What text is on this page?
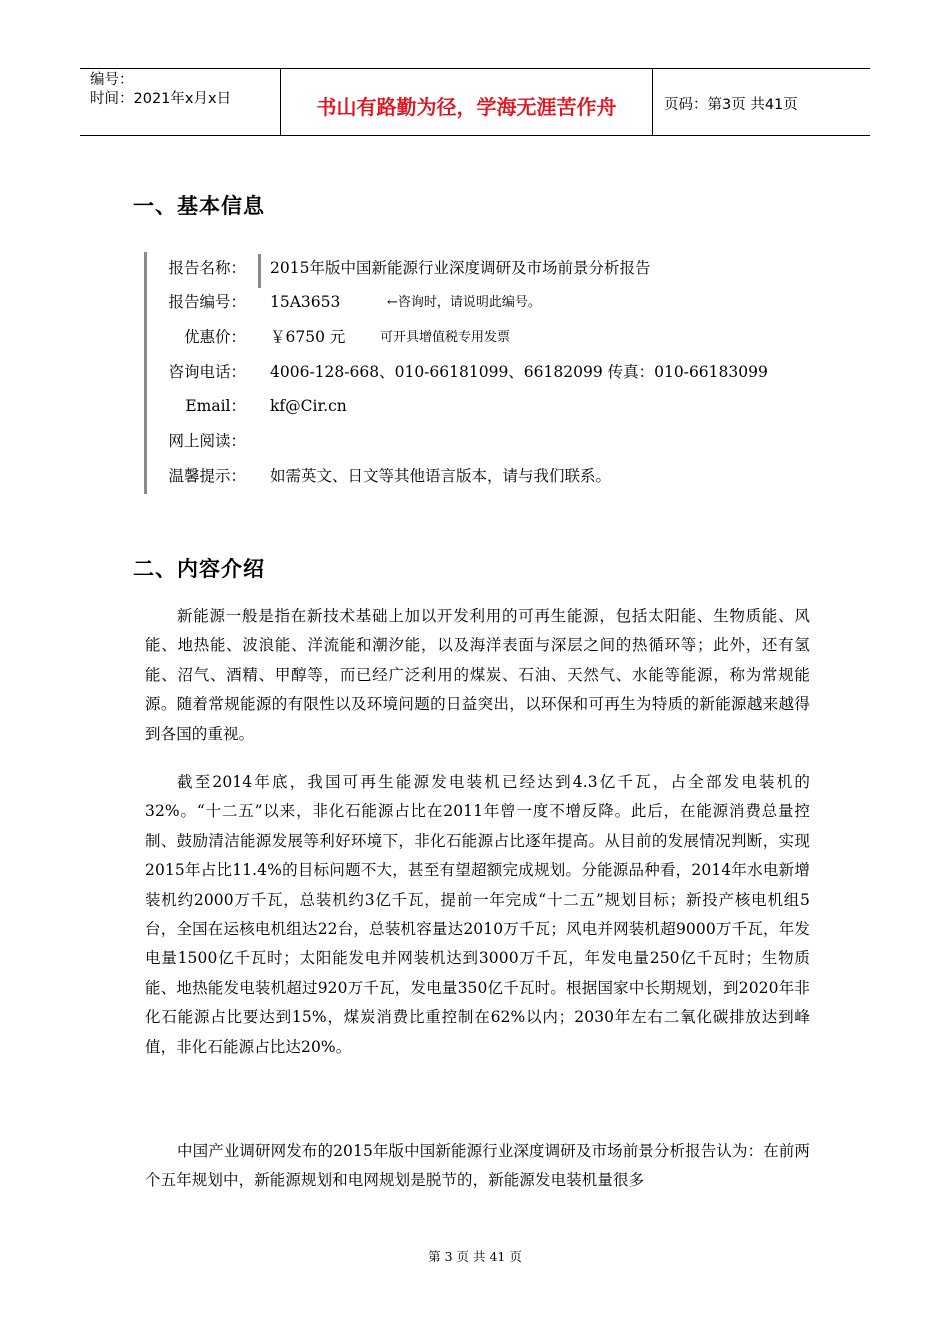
编号：
时间：2021年x月x日	书山有路勤为径，学海无涯苦作舟	页码：第3页 共41页
一、基本信息
报告名称： 2015年版中国新能源行业深度调研及市场前景分析报告
报告编号： 15A3653	←咨询时，请说明此编号。
优惠价： ￥6750 元	可开具增值税专用发票
咨询电话： 4006-128-668、010-66181099、66182099 传真：010-66183099
Email： kf@Cir.cn
网上阅读：
温馨提示： 如需英文、日文等其他语言版本，请与我们联系。
二、内容介绍

新能源一般是指在新技术基础上加以开发利用的可再生能源，包括太阳能、生物质能、风能、地热能、波浪能、洋流能和潮汐能，以及海洋表面与深层之间的热循环等；此外，还有氢能、沼气、酒精、甲醇等，而已经广泛利用的煤炭、石油、天然气、水能等能源，称为常规能源。随着常规能源的有限性以及环境问题的日益突出，以环保和可再生为特质的新能源越来越得到各国的重视。

截至2014年底，我国可再生能源发电装机已经达到4.3亿千瓦，占全部发电装机的32%。“十二五”以来，非化石能源占比在2011年曾一度不增反降。此后，在能源消费总量控制、鼓励清洁能源发展等利好环境下，非化石能源占比逐年提高。从目前的发展情况判断，实现2015年占比11.4%的目标问题不大，甚至有望超额完成规划。分能源品种看，2014年水电新增装机约2000万千瓦，总装机约3亿千瓦，提前一年完成“十二五”规划目标；新投产核电机组5台，全国在运核电机组达22台，总装机容量达2010万千瓦；风电并网装机超9000万千瓦，年发电量1500亿千瓦时；太阳能发电并网装机达到3000万千瓦，年发电量250亿千瓦时；生物质能、地热能发电装机超过920万千瓦，发电量350亿千瓦时。根据国家中长期规划，到2020年非化石能源占比要达到15%，煤炭消费比重控制在62%以内；2030年左右二氧化碳排放达到峰值，非化石能源占比达20%。

中国产业调研网发布的2015年版中国新能源行业深度调研及市场前景分析报告认为：在前两个五年规划中，新能源规划和电网规划是脱节的，新能源发电装机量很多

第 3 页 共 41 页
